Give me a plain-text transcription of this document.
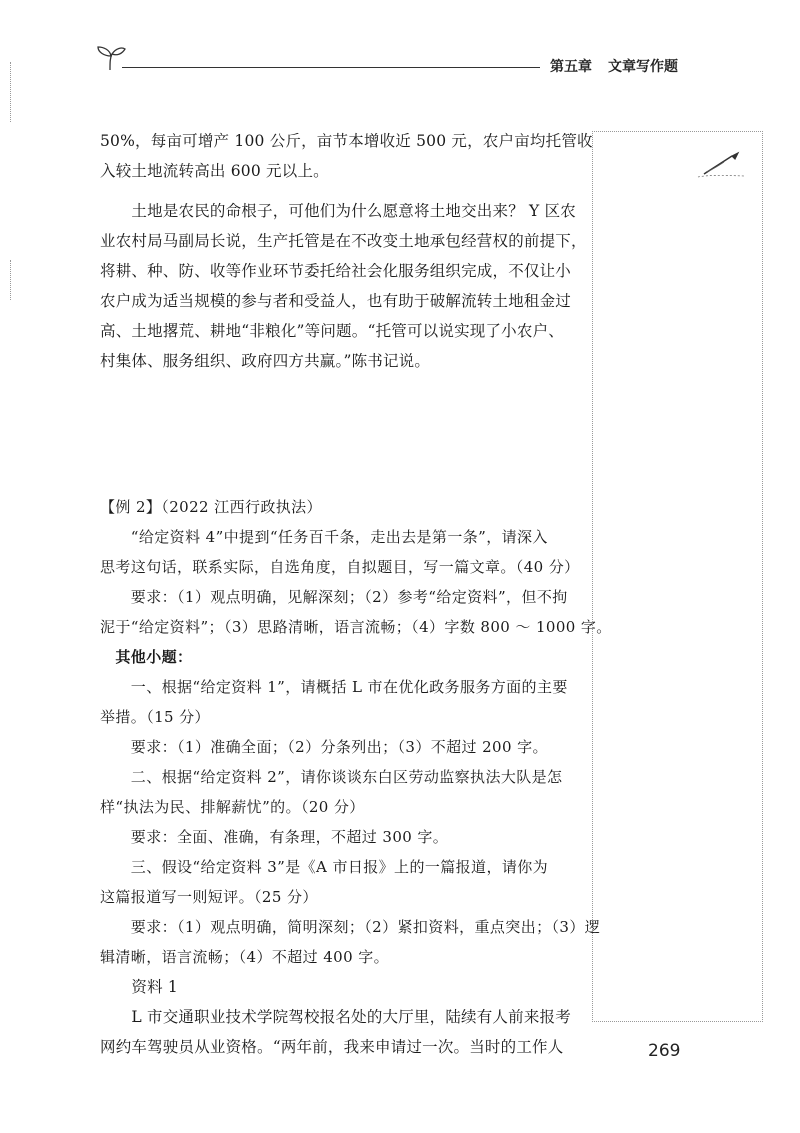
第五章 文章写作题
50%，每亩可增产 100 公斤，亩节本增收近 500 元，农户亩均托管收
入较土地流转高出 600 元以上。
　　土地是农民的命根子，可他们为什么愿意将土地交出来？ Y 区农
业农村局马副局长说，生产托管是在不改变土地承包经营权的前提下，
将耕、种、防、收等作业环节委托给社会化服务组织完成，不仅让小
农户成为适当规模的参与者和受益人，也有助于破解流转土地租金过
高、土地撂荒、耕地“非粮化”等问题。“托管可以说实现了小农户、
村集体、服务组织、政府四方共赢。”陈书记说。
【例 2】（2022 江西行政执法）
　　“给定资料 4”中提到“任务百千条，走出去是第一条”，请深入
思考这句话，联系实际，自选角度，自拟题目，写一篇文章。（40 分）
　　要求：（1）观点明确，见解深刻；（2）参考“给定资料”，但不拘
泥于“给定资料”；（3）思路清晰，语言流畅；（4）字数 800 ～ 1000 字。
　其他小题：
　　一、根据“给定资料 1”，请概括 L 市在优化政务服务方面的主要
举措。（15 分）
　　要求：（1）准确全面；（2）分条列出；（3）不超过 200 字。
　　二、根据“给定资料 2”，请你谈谈东白区劳动监察执法大队是怎
样“执法为民、排解薪忧”的。（20 分）
　　要求：全面、准确，有条理，不超过 300 字。
　　三、假设“给定资料 3”是《A 市日报》上的一篇报道，请你为
这篇报道写一则短评。（25 分）
　　要求：（1）观点明确，简明深刻；（2）紧扣资料，重点突出；（3）逻
辑清晰，语言流畅；（4）不超过 400 字。
　　资料 1
　　L 市交通职业技术学院驾校报名处的大厅里，陆续有人前来报考
网约车驾驶员从业资格。“两年前，我来申请过一次。当时的工作人	269
